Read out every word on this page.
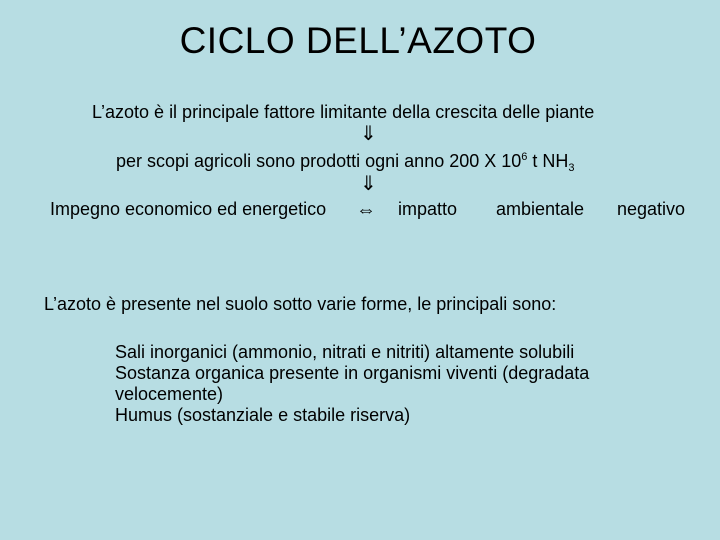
CICLO DELL’AZOTO
L’azoto è il principale fattore limitante della crescita delle piante
⇓
per scopi agricoli sono prodotti ogni anno 200 X $10^6$ t $NH_3$
⇓
Impegno economico ed energetico ⇔ impatto ambientale negativo
L’azoto è presente nel suolo sotto varie forme, le principali sono:
Sali inorganici (ammonio, nitrati e nitriti) altamente solubili
Sostanza organica presente in organismi viventi (degradata
velocemente)
Humus (sostanziale e stabile riserva)
